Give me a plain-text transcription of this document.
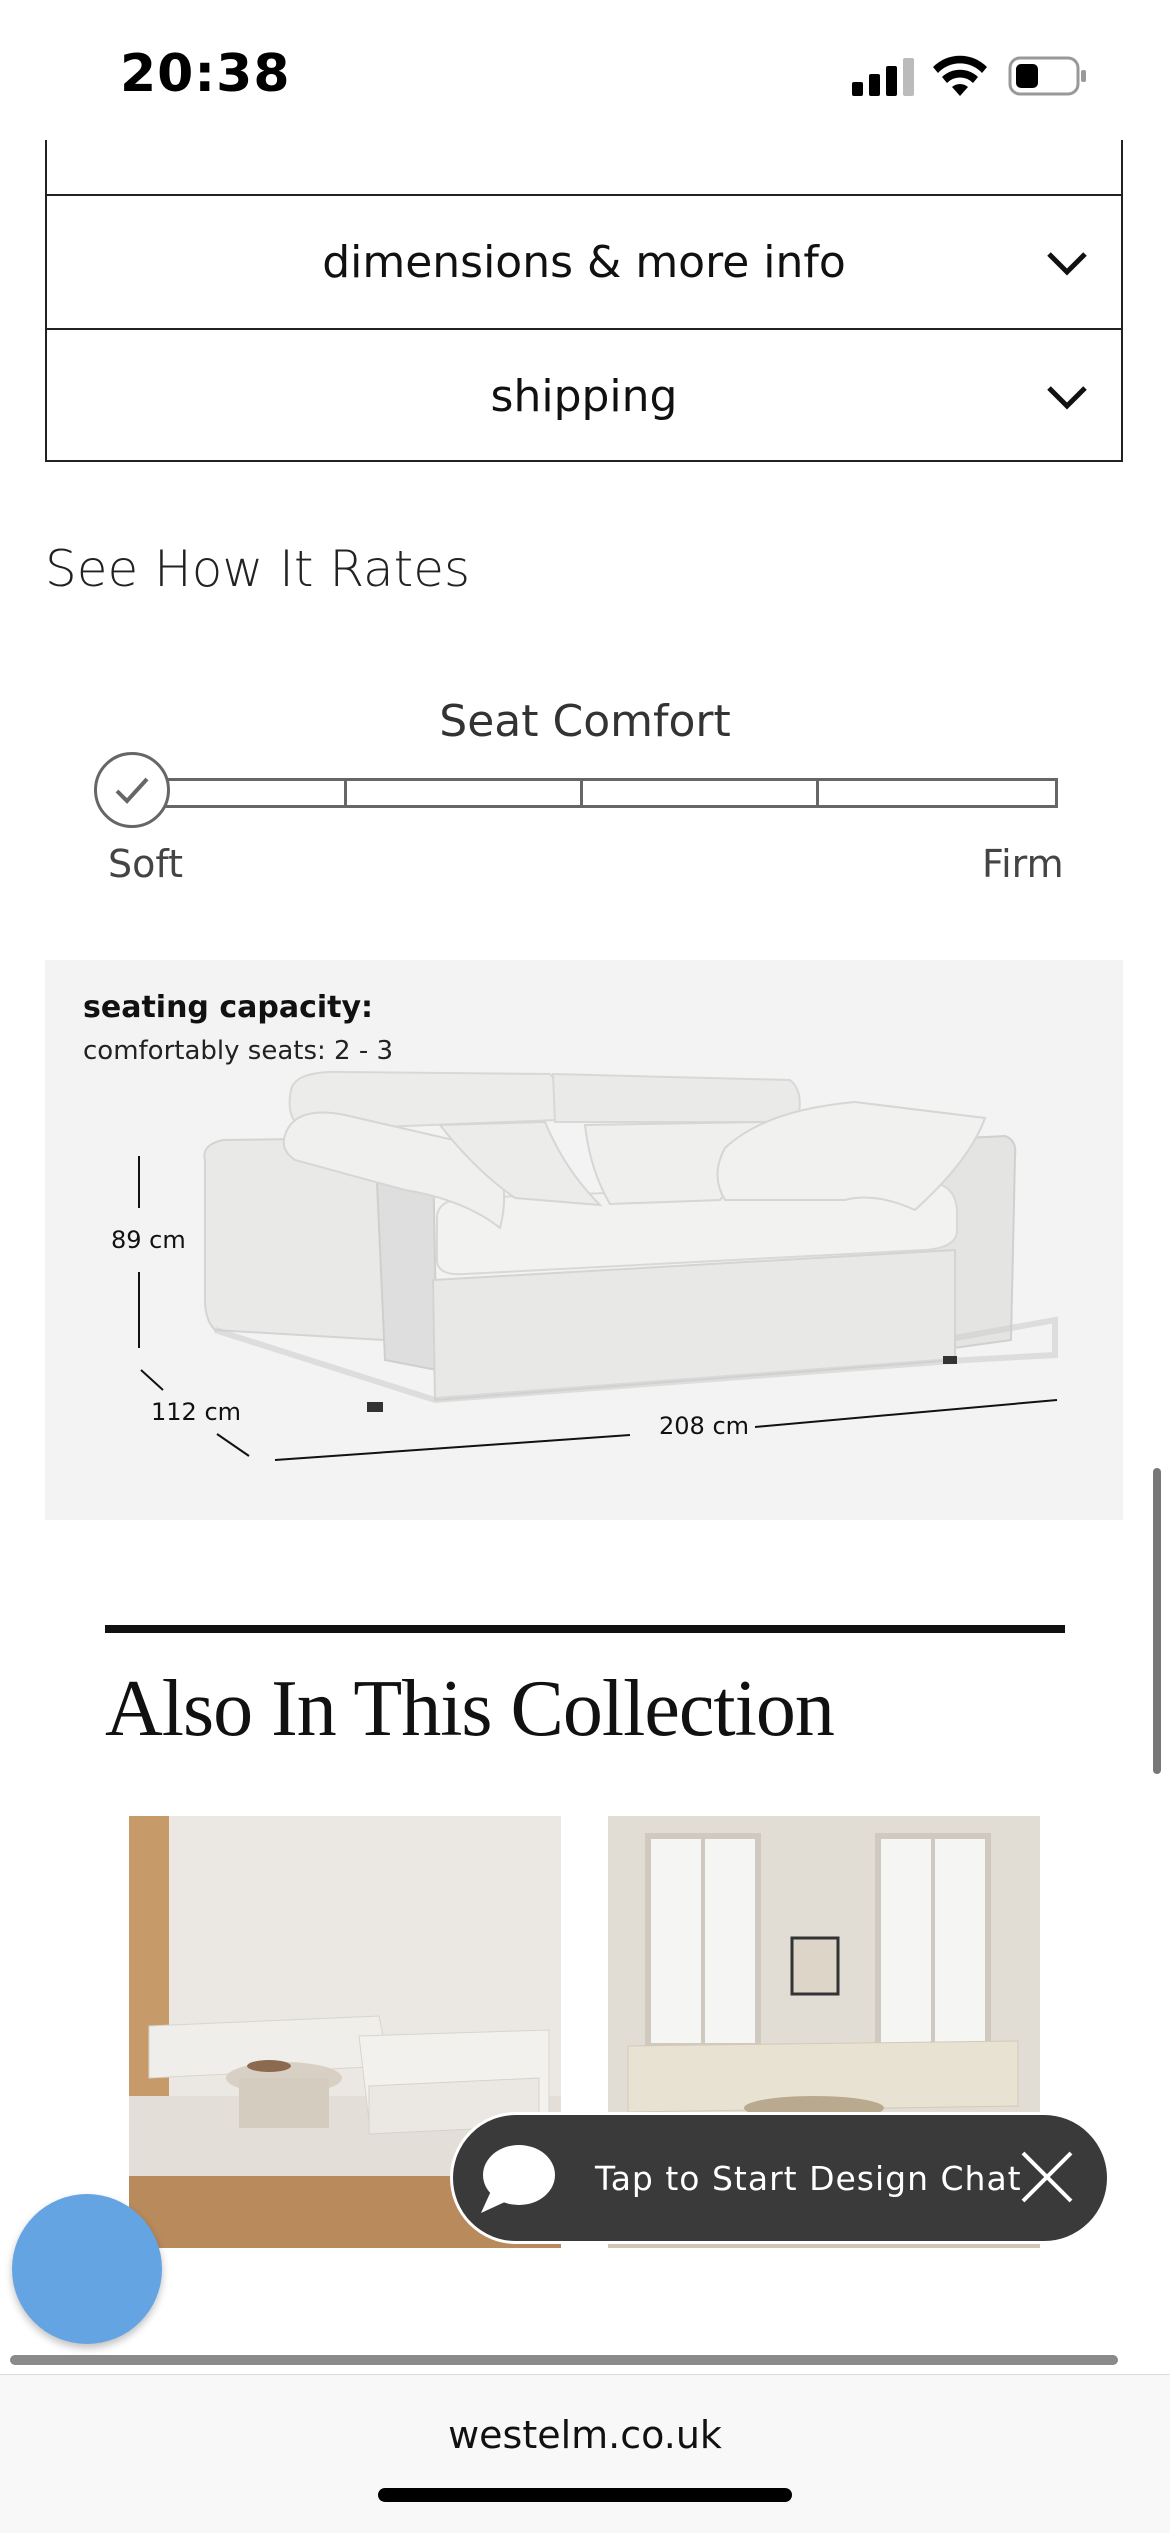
20:38
dimensions & more info
shipping
See How It Rates
Seat Comfort
Soft	Firm
seating capacity:
comfortably seats: 2 - 3
89 cm
112 cm	208 cm
Also In This Collection
Tap to Start Design Chat
westelm.co.uk
